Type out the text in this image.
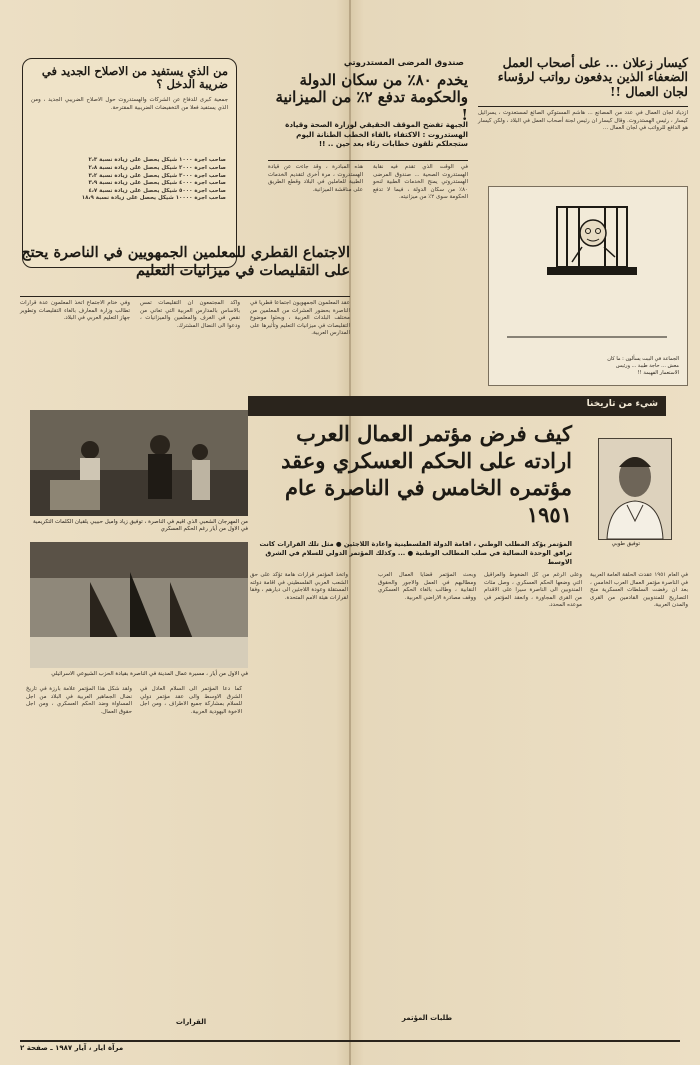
كيسار زعلان ... على أصحاب العمل الضعفاء الذين يدفعون رواتب لرؤساء لجان العمال !!
ازدياد لجان العمال في عدد من المصانع ... هاشم المستوكي الصائغ لمستعدوت ، يسرائيل كيسار ، رئيس الهستدروت. وقال كيسار ان رئيس لجنة أصحاب العمل في البلاد ، ولكن كيسار هو الدافع للرواتب في لجان العمال ...
الجماعة في البيت يسألون : ما كان معش ... حاجة طيبة ... ورئيس الاستعمار الفهيمة !!
صندوق المرضى المستدروتي
يخدم ٨٠٪ من سكان الدولة والحكومة تدفع ٢٪ من الميزانية !
الجبهة تفضح الموقف الحقيقي لوزارة الصحة وقيادة الهستدروت : الاكتفاء بالقاء الخطب الطنانة اليوم ستجعلكم تلقون خطابات رثاء بعد حين .. !!
في الوقت الذي تقدم فيه نقابة الهستدروت الصحية ... صندوق المرضى الهستدروتي يمنح الخدمات الطبية لنحو ٨٠٪ من سكان الدولة ، فيما لا تدفع الحكومة سوى ٢٪ من ميزانيته.
هذه المبادرة ، وقد جاءت عن قيادة الهستدروت ، مرة أخرى لتقديم الخدمات الطبية للعاملين في البلاد وقطع الطريق على مناقشة الميزانية.
من الذي يستفيد من الاصلاح الجديد في ضريبة الدخل ؟
جمعية كبرى للدفاع عن الشركات والهستدروت حول الاصلاح الضريبي الجديد ، ومن الذي يستفيد فعلا من التخفيضات الضريبية المقترحة.
صاحب اجرة ١٠٠٠ شيكل يحصل على زيادة نسبة ٢،٣
صاحب اجرة ٢٠٠٠ شيكل يحصل على زيادة نسبة ٢،٨
صاحب اجرة ٣٠٠٠ شيكل يحصل على زيادة نسبة ٣،٢
صاحب اجرة ٤٠٠٠ شيكل يحصل على زيادة نسبة ٣،٩
صاحب اجرة ٥٠٠٠ شيكل يحصل على زيادة نسبة ٤،٧
صاحب اجرة ١٠٠٠٠ شيكل يحصل على زيادة نسبة ١٨،٩
الاجتماع القطري للمعلمين الجمهويين في الناصرة يحتج على التقليصات في ميزانيات التعليم
عقد المعلمون الجمهويون اجتماعا قطريا في الناصرة بحضور العشرات من المعلمين من مختلف البلدات العربية ، وبحثوا موضوع التقليصات في ميزانيات التعليم وتأثيرها على المدارس العربية.
واكد المجتمعون ان التقليصات تمس بالاساس بالمدارس العربية التي تعاني من نقص في الغرف والمعلمين والميزانيات ، ودعوا الى النضال المشترك.
وفي ختام الاجتماع اتخذ المعلمون عدة قرارات تطالب وزارة المعارف بالغاء التقليصات وتطوير جهاز التعليم العربي في البلاد.
شيء من تاريخنا
كيف فرض مؤتمر العمال العرب ارادته على الحكم العسكري وعقد مؤتمره الخامس في الناصرة عام ١٩٥١
توفيق طوبي
من المهرجان الشعبي الذي اقيم في الناصرة ، توفيق زياد واميل حبيبي يلقيان الكلمات التكريمية في الاول من أيار رغم الحكم العسكري
المؤتمر يؤكد المطلب الوطني ، اقامة الدولة الفلسطينية واعادة اللاجئين ● مثل تلك القرارات كانت ترافق الوحدة النضالية في صلب المطالب الوطنية ● ... وكذلك المؤتمر الدولي للسلام في الشرق الاوسط
في الاول من أيار ، مسيرة عمال المدينة في الناصرة بقيادة الحزب الشيوعي الاسرائيلي
في العام ١٩٥١ عقدت الحلقة العامة العربية في الناصرة مؤتمر العمال العرب الخامس ، بعد ان رفضت السلطات العسكرية منح التصاريح للمندوبين القادمين من القرى والمدن العربية.
وعلى الرغم من كل الضغوط والعراقيل التي وضعها الحكم العسكري ، وصل مئات المندوبين الى الناصرة سيرا على الاقدام من القرى المجاورة ، وانعقد المؤتمر في موعده المحدد.
وبحث المؤتمر قضايا العمال العرب ومطالبهم في العمل والاجور والحقوق النقابية ، وطالب بالغاء الحكم العسكري ووقف مصادرة الاراضي العربية.
طلبات المؤتمر
واتخذ المؤتمر قرارات هامة تؤكد على حق الشعب العربي الفلسطيني في اقامة دولته المستقلة وعودة اللاجئين الى ديارهم ، وفقا لقرارات هيئة الامم المتحدة.
كما دعا المؤتمر الى السلام العادل في الشرق الاوسط والى عقد مؤتمر دولي للسلام بمشاركة جميع الاطراف ، ومن اجل الاخوة اليهودية العربية.
القرارات
ولقد شكل هذا المؤتمر علامة بارزة في تاريخ نضال الجماهير العربية في البلاد من اجل المساواة وضد الحكم العسكري ، ومن اجل حقوق العمال.
مرآة ايار ، آيار ١٩٨٧ ـ صفحة ٢
